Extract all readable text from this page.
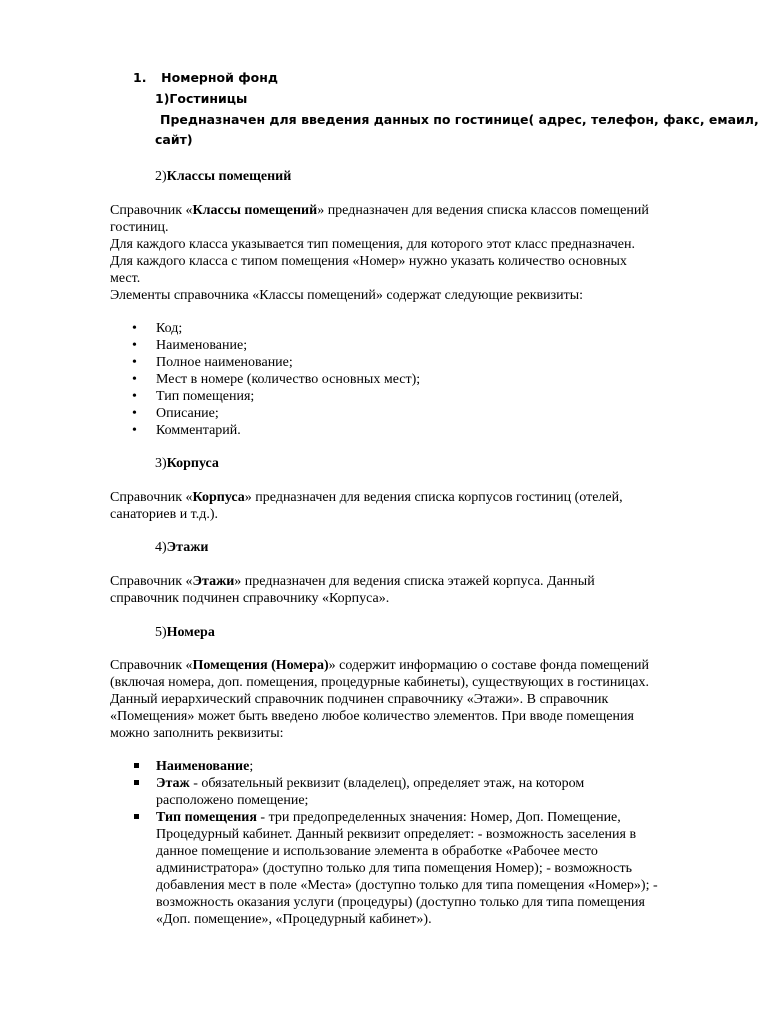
1. Номерной фонд
1)Гостиницы
Предназначен для введения данных по гостинице( адрес, телефон, факс, емаил,
сайт)
2)Классы помещений
Справочник «Классы помещений» предназначен для ведения списка классов помещений
гостиниц.
Для каждого класса указывается тип помещения, для которого этот класс предназначен.
Для каждого класса с типом помещения «Номер» нужно указать количество основных
мест.
Элементы справочника «Классы помещений» содержат следующие реквизиты:
• Код;
• Наименование;
• Полное наименование;
• Мест в номере (количество основных мест);
• Тип помещения;
• Описание;
• Комментарий.
3)Корпуса
Справочник «Корпуса» предназначен для ведения списка корпусов гостиниц (отелей,
санаториев и т.д.).
4)Этажи
Справочник «Этажи» предназначен для ведения списка этажей корпуса. Данный
справочник подчинен справочнику «Корпуса».
5)Номера
Справочник «Помещения (Номера)» содержит информацию о составе фонда помещений
(включая номера, доп. помещения, процедурные кабинеты), существующих в гостиницах.
Данный иерархический справочник подчинен справочнику «Этажи». В справочник
«Помещения» может быть введено любое количество элементов. При вводе помещения
можно заполнить реквизиты:
Наименование;
Этаж - обязательный реквизит (владелец), определяет этаж, на котором
расположено помещение;
Тип помещения - три предопределенных значения: Номер, Доп. Помещение,
Процедурный кабинет. Данный реквизит определяет: - возможность заселения в
данное помещение и использование элемента в обработке «Рабочее место
администратора» (доступно только для типа помещения Номер); - возможность
добавления мест в поле «Места» (доступно только для типа помещения «Номер»); -
возможность оказания услуги (процедуры) (доступно только для типа помещения
«Доп. помещение», «Процедурный кабинет»).
